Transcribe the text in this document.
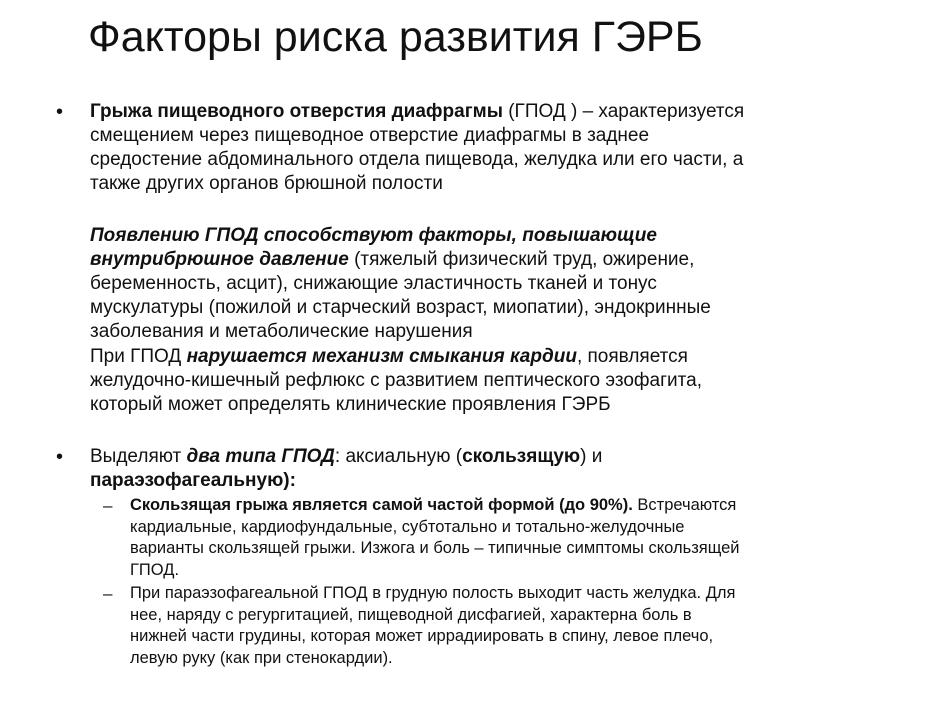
Факторы риска развития ГЭРБ
• Грыжа пищеводного отверстия диафрагмы (ГПОД ) – характеризуется
смещением через пищеводное отверстие диафрагмы в заднее
средостение абдоминального отдела пищевода, желудка или его части, а
также других органов брюшной полости
Появлению ГПОД способствуют факторы, повышающие
внутрибрюшное давление (тяжелый физический труд, ожирение,
беременность, асцит), снижающие эластичность тканей и тонус
мускулатуры (пожилой и старческий возраст, миопатии), эндокринные
заболевания и метаболические нарушения
При ГПОД нарушается механизм смыкания кардии, появляется
желудочно-кишечный рефлюкс с развитием пептического эзофагита,
который может определять клинические проявления ГЭРБ
• Выделяют два типа ГПОД: аксиальную (скользящую) и
параэзофагеальную):
– Скользящая грыжа является самой частой формой (до 90%). Встречаются
кардиальные, кардиофундальные, субтотально и тотально-желудочные
варианты скользящей грыжи. Изжога и боль – типичные симптомы скользящей
ГПОД.
– При параэзофагеальной ГПОД в грудную полость выходит часть желудка. Для
нее, наряду с регургитацией, пищеводной дисфагией, характерна боль в
нижней части грудины, которая может иррадиировать в спину, левое плечо,
левую руку (как при стенокардии).
